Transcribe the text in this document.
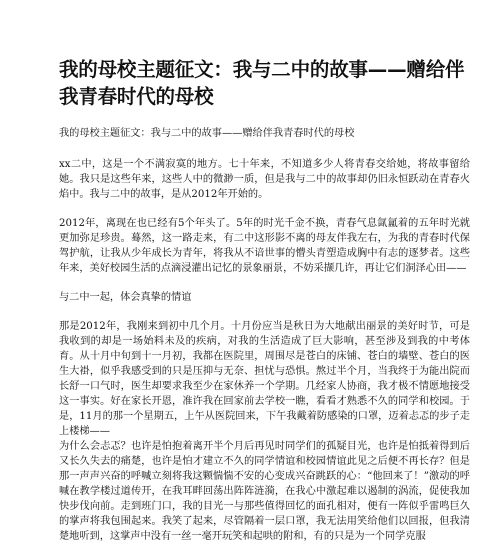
我的母校主题征文：我与二中的故事——赠给伴我青春时代的母校
我的母校主题征文：我与二中的故事——赠给伴我青春时代的母校

xx二中，这是一个不满寂寞的地方。七十年来，不知道多少人将青春交给她，将故事留给她。我只是这些年来，这些人中的微渺一质，但是我与二中的故事却仍旧永恒跃动在青春火焰中。我与二中的故事，是从2012年开始的。

2012年，离现在也已经有5个年头了。5年的时光千金不换，青春气息氤氲着的五年时光就更加弥足珍贵。蓦然，这一路走来，有二中这形影不离的母友伴我左右，为我的青春时代保驾护航，让我从少年成长为青年，将我从不谙世事的懵头青塑造成胸中有志的逐梦者。这些年来，美好校园生活的点滴浸灌出记忆的景象丽景，不妨采撷几许，再让它们洞泽心田——

与二中一起，体会真挚的情谊

那是2012年，我刚来到初中几个月。十月份应当是秋日为大地献出丽景的美好时节，可是我收到的却是一场始料未及的疾病，对我的生活造成了巨大影响，甚至涉及到我的中考体育。从十月中旬到十一月初，我都在医院里，周围尽是苍白的床铺、苍白的墙壁、苍白的医生大褂，似乎我感受到的只是压抑与无奈、担忧与恐惧。熬过半个月，当我终于为能出院而长舒一口气时，医生却要求我至少在家休养一个学期。几经家人协商，我才极不情愿地接受这一事实。好在家长开恩，准许我在回家前去学校一瞧，看看才熟悉不久的同学和校园。于是，11月的那一个星期五，上午从医院回来，下午我戴着防感染的口罩，迈着忐忑的步子走上楼梯——

为什么会忐忑？也许是怕抱着离开半个月后再见时同学们的孤疑目光，也许是怕抵着得到后又长久失去的痛楚，也许是怕才建立不久的同学情谊和校园情谊此见之后便不再长存？但是那一声声兴奋的呼喊立刻将我这颗惴惴不安的心变成兴奋跳跃的心：“他回来了！”激动的呼喊在教学楼过道传开，在我耳畔回荡出阵阵涟漪，在我心中激起难以遏制的涡流，促使我加快步伐向前。走到班门口，我的目光一与那些值得回忆的面孔相对，便有一阵似乎雷鸣巨久的掌声将我包围起来。我笑了起来，尽管隔着一层口罩，我无法用笑给他们以回报，但我清楚地听到，这掌声中没有一丝一毫开玩笑和起哄的附和，有的只是为一个同学克服
